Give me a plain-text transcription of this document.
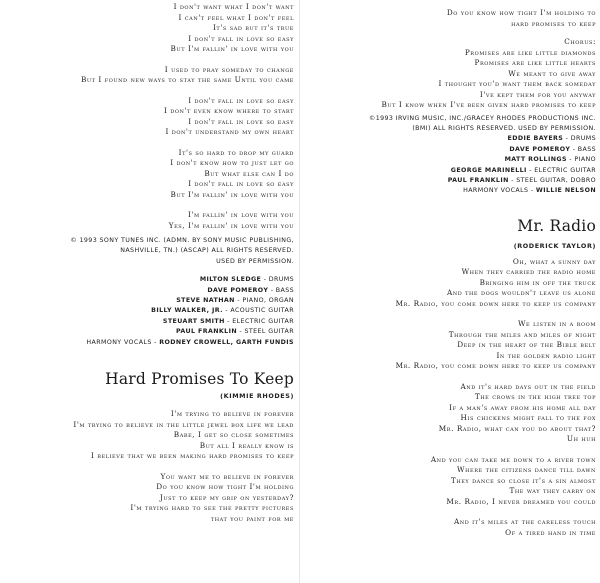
I don't want what I don't want
I can't feel what I don't feel
It's sad but it's true
I don't fall in love so easy
But I'm fallin' in love with you
I used to pray someday to change
But I found new ways to stay the same Until you came
I don't fall in love so easy
I don't even know where to start
I don't fall in love so easy
I don't understand my own heart
It's so hard to drop my guard
I don't know how to just let go
But what else can I do
I don't fall in love so easy
But I'm fallin' in love with you
I'm fallin' in love with you
Yes, I'm fallin' in love with you
© 1993 SONY TUNES INC. (ADMN. BY SONY MUSIC PUBLISHING,
NASHVILLE, TN.) (ASCAP) ALL RIGHTS RESERVED.
USED BY PERMISSION.
MILTON SLEDGE - DRUMS
DAVE POMEROY - BASS
STEVE NATHAN - PIANO, ORGAN
BILLY WALKER, JR. - ACOUSTIC GUITAR
STEUART SMITH - ELECTRIC GUITAR
PAUL FRANKLIN - STEEL GUITAR
HARMONY VOCALS - RODNEY CROWELL, GARTH FUNDIS
Hard Promises To Keep
(KIMMIE RHODES)
I'm trying to believe in forever
I'm trying to believe in the little jewel box life we lead
Babe, I get so close sometimes
But all I really know is
I believe that we been making hard promises to keep
You want me to believe in forever
Do you know how tight I'm holding
Just to keep my grip on yesterday?
I'm trying hard to see the pretty pictures
that you paint for me
Do you know how tight I'm holding to
hard promises to keep
Chorus:
Promises are like little diamonds
Promises are like little hearts
We meant to give away
I thought you'd want them back someday
I've kept them for you anyway
But I know when I've been given hard promises to keep
©1993 IRVING MUSIC, INC./GRACEY RHODES PRODUCTIONS INC.
(BMI) ALL RIGHTS RESERVED. USED BY PERMISSION.
EDDIE BAYERS - DRUMS
DAVE POMEROY - BASS
MATT ROLLINGS - PIANO
GEORGE MARINELLI - ELECTRIC GUITAR
PAUL FRANKLIN - STEEL GUITAR, DOBRO
HARMONY VOCALS - WILLIE NELSON
Mr. Radio
(RODERICK TAYLOR)
Oh, what a sunny day
When they carried the radio home
Bringing him in off the truck
And the dogs wouldn't leave us alone
Mr. Radio, you come down here to keep us company
We listen in a room
Through the miles and miles of night
Deep in the heart of the Bible belt
In the golden radio light
Mr. Radio, you come down here to keep us company
And it's hard days out in the field
The crows in the high tree top
If a man's away from his home all day
His chickens might fall to the fox
Mr. Radio, what can you do about that?
Uh huh
And you can take me down to a river town
Where the citizens dance till dawn
They dance so close it's a sin almost
The way they carry on
Mr. Radio, I never dreamed you could
And it's miles at the careless touch
Of a tired hand in time
